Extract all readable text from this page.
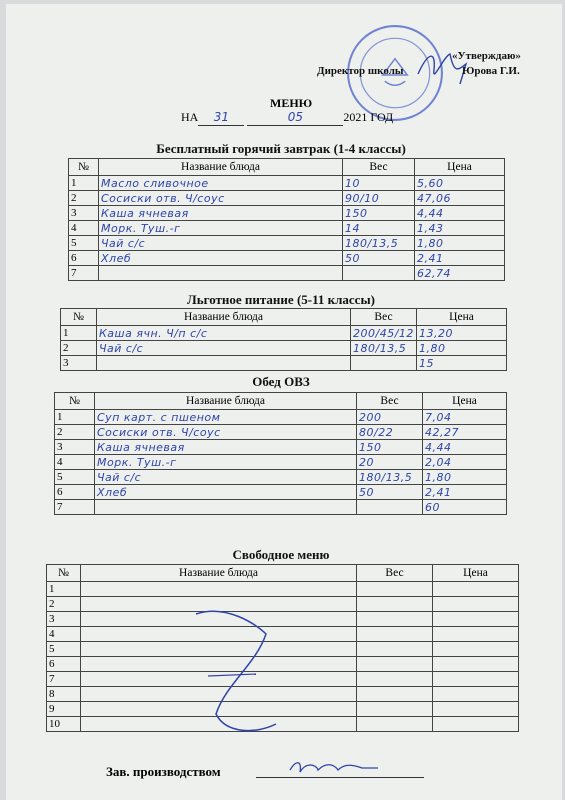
«Утверждаю»
Директор школы	Юрова Г.И.
МЕНЮ
НА 31	05	2021 ГОД
Бесплатный горячий завтрак (1-4 классы)
№	Название блюда	Вес	Цена
1	Масло сливочное	10	5,60
2	Сосиски отв. Ч/соус	90/10	47,06
3	Каша ячневая	150	4,44
4	Морк. Туш.-г	14	1,43
5	Чай с/с	180/13,5	1,80
6	Хлеб	50	2,41
7			62,74
Льготное питание (5-11 классы)
№	Название блюда	Вес	Цена
1	Каша ячн. Ч/п с/с	200/45/12	13,20
2	Чай с/с	180/13,5	1,80
3			15
Обед ОВЗ
№	Название блюда	Вес	Цена
1	Суп карт. с пшеном	200	7,04
2	Сосиски отв. Ч/соус	80/22	42,27
3	Каша ячневая	150	4,44
4	Морк. Туш.-г	20	2,04
5	Чай с/с	180/13,5	1,80
6	Хлеб	50	2,41
7			60
Свободное меню
№	Название блюда	Вес	Цена
1			
2			
3			
4			
5			
6			
7			
8			
9			
10			
Зав. производством
